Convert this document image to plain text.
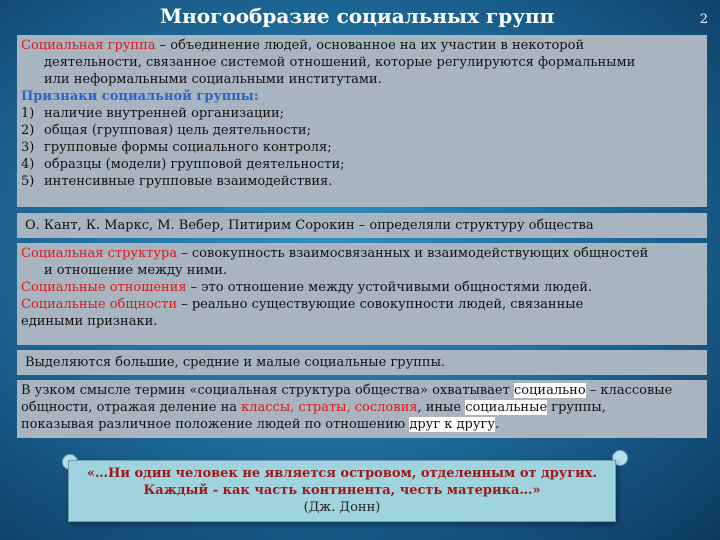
Многообразие социальных групп	2
Социальная группа – объединение людей, основанное на их участии в некоторой
деятельности, связанное системой отношений, которые регулируются формальными
или неформальными социальными институтами.
Признаки социальной группы:
1) наличие внутренней организации;
2) общая (групповая) цель деятельности;
3) групповые формы социального контроля;
4) образцы (модели) групповой деятельности;
5) интенсивные групповые взаимодействия.
О. Кант, К. Маркс, М. Вебер, Питирим Сорокин – определяли структуру общества
Социальная структура – совокупность взаимосвязанных и взаимодействующих общностей
и отношение между ними.
Социальные отношения – это отношение между устойчивыми общностями людей.
Социальные общности – реально существующие совокупности людей, связанные
едиными признаки.
Выделяются большие, средние и малые социальные группы.
В узком смысле термин «социальная структура общества» охватывает социально – классовые
общности, отражая деление на классы, страты, сословия, иные социальные группы,
показывая различное положение людей по отношению друг к другу.
«…Ни один человек не является островом, отделенным от других.
Каждый - как часть континента, честь материка…»
(Дж. Донн)
